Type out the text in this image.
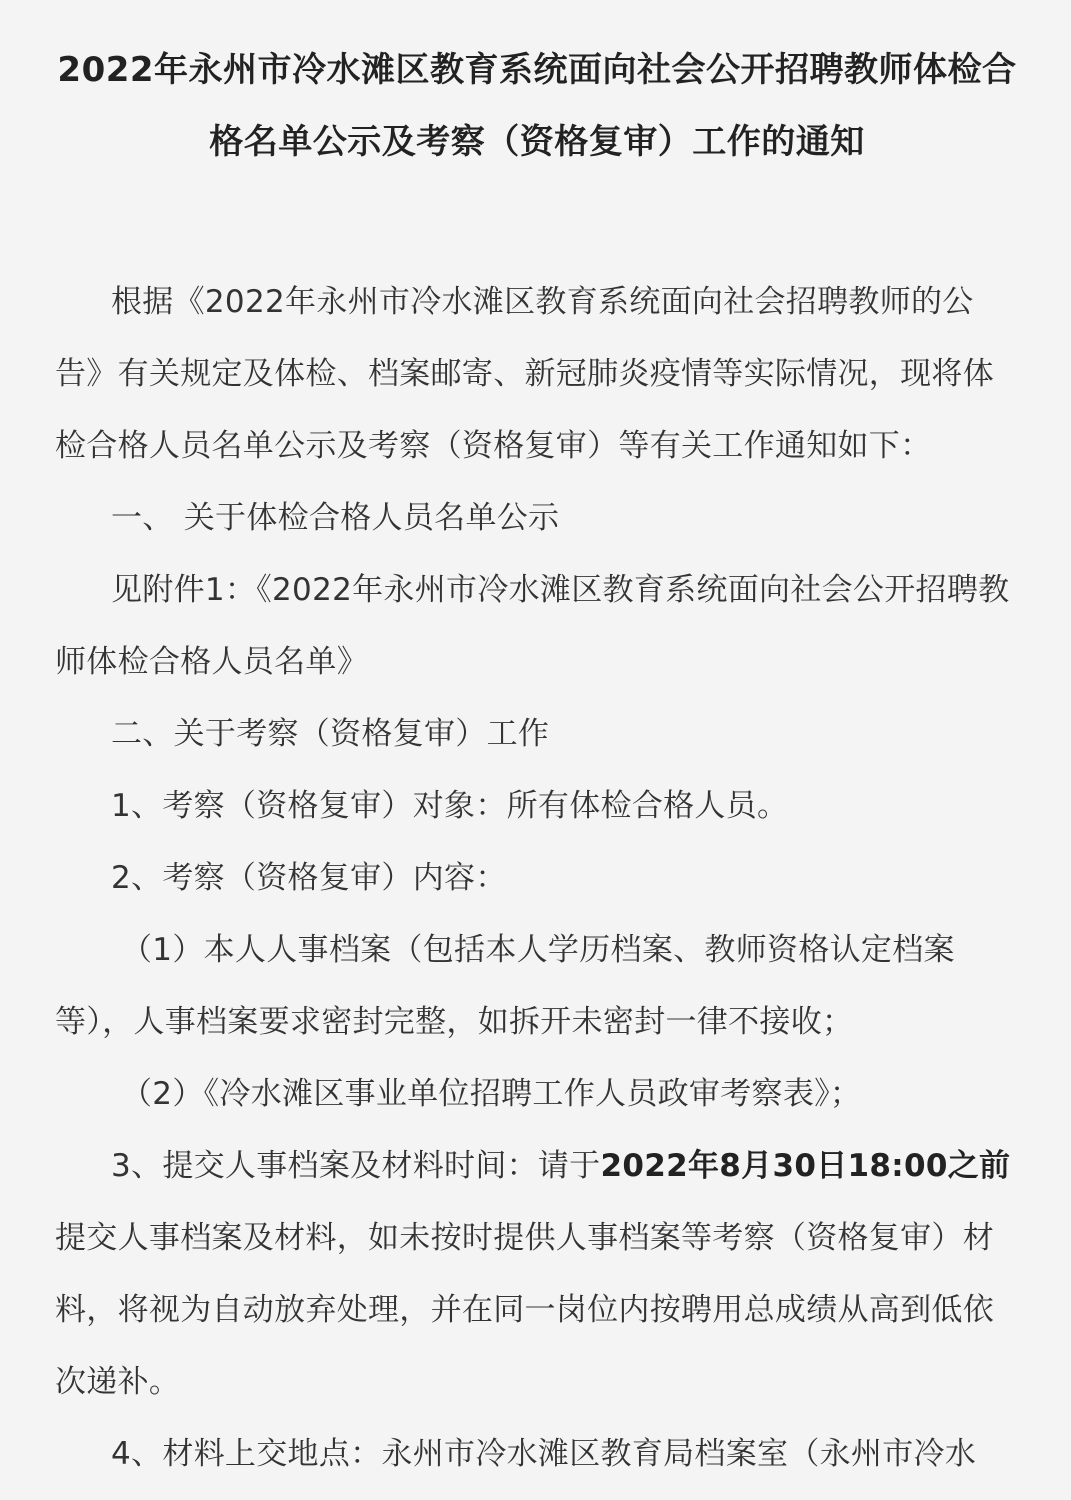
2022年永州市冷水滩区教育系统面向社会公开招聘教师体检合
格名单公示及考察（资格复审）工作的通知

根据《2022年永州市冷水滩区教育系统面向社会招聘教师的公告》有关规定及体检、档案邮寄、新冠肺炎疫情等实际情况，现将体检合格人员名单公示及考察（资格复审）等有关工作通知如下：

一、 关于体检合格人员名单公示

见附件1：《2022年永州市冷水滩区教育系统面向社会公开招聘教师体检合格人员名单》

二、关于考察（资格复审）工作

1、考察（资格复审）对象：所有体检合格人员。

2、考察（资格复审）内容：

（1）本人人事档案（包括本人学历档案、教师资格认定档案等），人事档案要求密封完整，如拆开未密封一律不接收；

（2）《冷水滩区事业单位招聘工作人员政审考察表》；

3、提交人事档案及材料时间：请于2022年8月30日18:00之前提交人事档案及材料，如未按时提供人事档案等考察（资格复审）材料，将视为自动放弃处理，并在同一岗位内按聘用总成绩从高到低依次递补。

4、材料上交地点：永州市冷水滩区教育局档案室（永州市冷水
